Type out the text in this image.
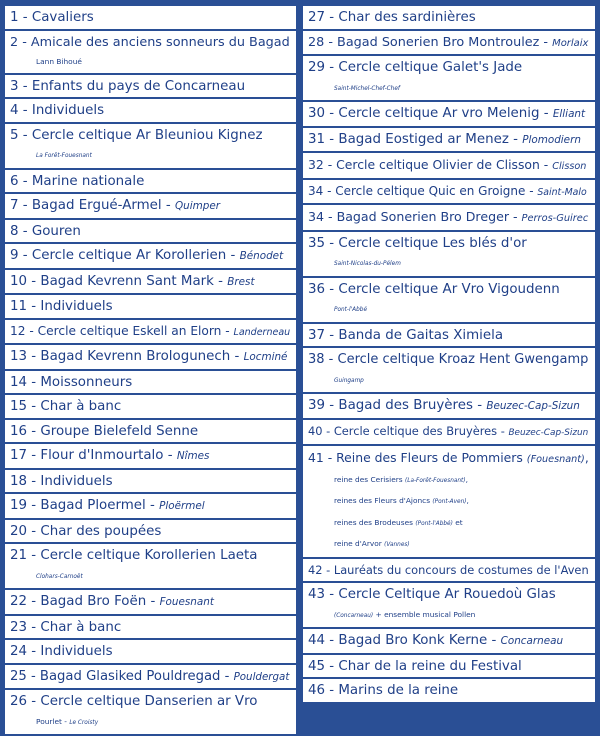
1 - Cavaliers
2 - Amicale des anciens sonneurs du Bagad
Lann Bihoué
3 - Enfants du pays de Concarneau
4 - Individuels
5 - Cercle celtique Ar Bleuniou Kignez
La Forêt-Fouesnant
6 - Marine nationale
7 - Bagad Ergué-Armel - Quimper
8 - Gouren
9 - Cercle celtique Ar Korollerien - Bénodet
10 - Bagad Kevrenn Sant Mark - Brest
11 - Individuels
12 - Cercle celtique Eskell an Elorn - Landerneau
13 - Bagad Kevrenn Brologunech - Locminé
14 - Moissonneurs
15 - Char à banc
16 - Groupe Bielefeld Senne
17 - Flour d'Inmourtalo - Nîmes
18 - Individuels
19 - Bagad Ploermel - Ploërmel
20 - Char des poupées
21 - Cercle celtique Korollerien Laeta
Clohars-Carnoët
22 - Bagad Bro Foën - Fouesnant
23 - Char à banc
24 - Individuels
25 - Bagad Glasiked Pouldregad - Pouldergat
26 - Cercle celtique Danserien ar Vro
Pourlet - Le Croisty
27 - Char des sardinières
28 - Bagad Sonerien Bro Montroulez - Morlaix
29 - Cercle celtique Galet's Jade
Saint-Michel-Chef-Chef
30 - Cercle celtique Ar vro Melenig - Elliant
31 - Bagad Eostiged ar Menez - Plomodiern
32 - Cercle celtique Olivier de Clisson - Clisson
34 - Cercle celtique Quic en Groigne - Saint-Malo
34 - Bagad Sonerien Bro Dreger - Perros-Guirec
35 - Cercle celtique Les blés d'or
Saint-Nicolas-du-Pélem
36 - Cercle celtique Ar Vro Vigoudenn
Pont-l'Abbé
37 - Banda de Gaitas Ximiela
38 - Cercle celtique Kroaz Hent Gwengamp
Guingamp
39 - Bagad des Bruyères - Beuzec-Cap-Sizun
40 - Cercle celtique des Bruyères - Beuzec-Cap-Sizun
41 - Reine des Fleurs de Pommiers (Fouesnant),
reine des Cerisiers (La-Forêt-Fouesnant),
reines des Fleurs d'Ajoncs (Pont-Aven),
reines des Brodeuses (Pont-l'Abbé) et
reine d'Arvor (Vannes)
42 - Lauréats du concours de costumes de l'Aven
43 - Cercle Celtique Ar Rouedoù Glas
(Concarneau) + ensemble musical Pollen
44 - Bagad Bro Konk Kerne - Concarneau
45 - Char de la reine du Festival
46 - Marins de la reine
